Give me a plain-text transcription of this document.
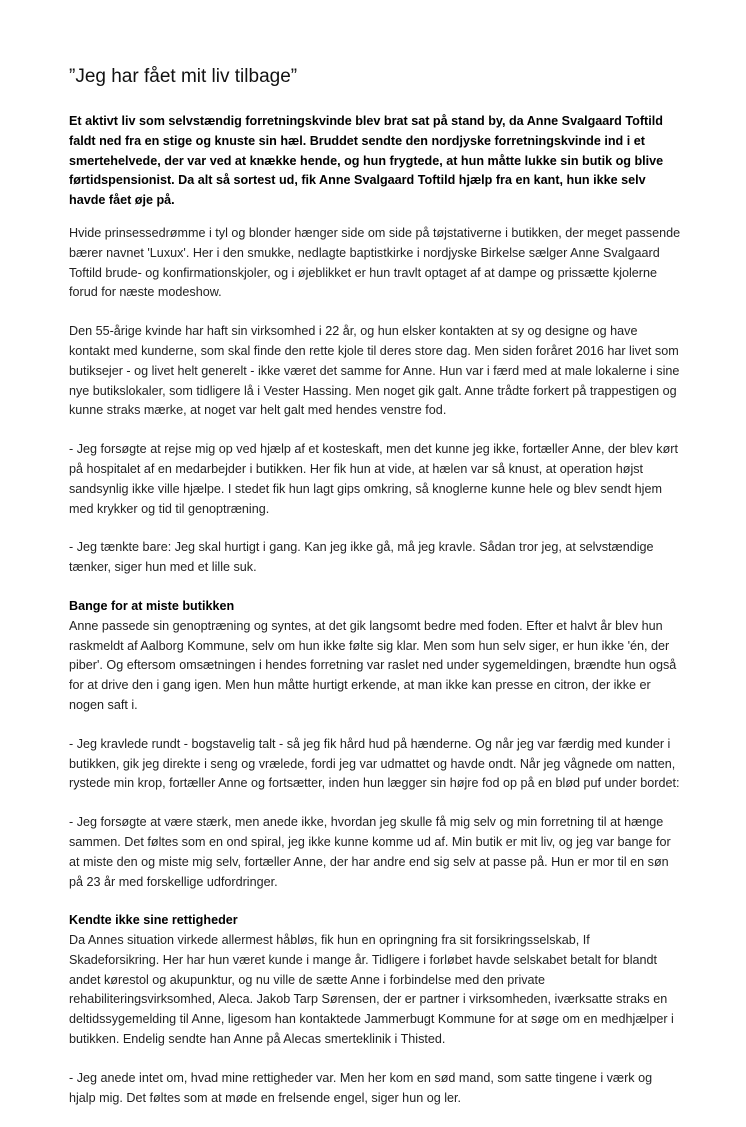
”Jeg har fået mit liv tilbage”

Et aktivt liv som selvstændig forretningskvinde blev brat sat på stand by, da Anne Svalgaard Toftild faldt ned fra en stige og knuste sin hæl. Bruddet sendte den nordjyske forretningskvinde ind i et smertehelvede, der var ved at knække hende, og hun frygtede, at hun måtte lukke sin butik og blive førtidspensionist. Da alt så sortest ud, fik Anne Svalgaard Toftild hjælp fra en kant, hun ikke selv havde fået øje på.

Hvide prinsessedrømme i tyl og blonder hænger side om side på tøjstativerne i butikken, der meget passende bærer navnet 'Luxux'. Her i den smukke, nedlagte baptistkirke i nordjyske Birkelse sælger Anne Svalgaard Toftild brude- og konfirmationskjoler, og i øjeblikket er hun travlt optaget af at dampe og prissætte kjolerne forud for næste modeshow.

Den 55-årige kvinde har haft sin virksomhed i 22 år, og hun elsker kontakten at sy og designe og have kontakt med kunderne, som skal finde den rette kjole til deres store dag. Men siden foråret 2016 har livet som butiksejer - og livet helt generelt - ikke været det samme for Anne. Hun var i færd med at male lokalerne i sine nye butikslokaler, som tidligere lå i Vester Hassing. Men noget gik galt. Anne trådte forkert på trappestigen og kunne straks mærke, at noget var helt galt med hendes venstre fod.

- Jeg forsøgte at rejse mig op ved hjælp af et kosteskaft, men det kunne jeg ikke, fortæller Anne, der blev kørt på hospitalet af en medarbejder i butikken. Her fik hun at vide, at hælen var så knust, at operation højst sandsynlig ikke ville hjælpe. I stedet fik hun lagt gips omkring, så knoglerne kunne hele og blev sendt hjem med krykker og tid til genoptræning.

- Jeg tænkte bare: Jeg skal hurtigt i gang. Kan jeg ikke gå, må jeg kravle. Sådan tror jeg, at selvstændige tænker, siger hun med et lille suk.

Bange for at miste butikken

Anne passede sin genoptræning og syntes, at det gik langsomt bedre med foden. Efter et halvt år blev hun raskmeldt af Aalborg Kommune, selv om hun ikke følte sig klar. Men som hun selv siger, er hun ikke 'én, der piber'. Og eftersom omsætningen i hendes forretning var raslet ned under sygemeldingen, brændte hun også for at drive den i gang igen. Men hun måtte hurtigt erkende, at man ikke kan presse en citron, der ikke er nogen saft i.

- Jeg kravlede rundt - bogstavelig talt - så jeg fik hård hud på hænderne. Og når jeg var færdig med kunder i butikken, gik jeg direkte i seng og vrælede, fordi jeg var udmattet og havde ondt. Når jeg vågnede om natten, rystede min krop, fortæller Anne og fortsætter, inden hun lægger sin højre fod op på en blød puf under bordet:

- Jeg forsøgte at være stærk, men anede ikke, hvordan jeg skulle få mig selv og min forretning til at hænge sammen. Det føltes som en ond spiral, jeg ikke kunne komme ud af. Min butik er mit liv, og jeg var bange for at miste den og miste mig selv, fortæller Anne, der har andre end sig selv at passe på. Hun er mor til en søn på 23 år med forskellige udfordringer.

Kendte ikke sine rettigheder

Da Annes situation virkede allermest håbløs, fik hun en opringning fra sit forsikringsselskab, If Skadeforsikring. Her har hun været kunde i mange år. Tidligere i forløbet havde selskabet betalt for blandt andet kørestol og akupunktur, og nu ville de sætte Anne i forbindelse med den private rehabiliteringsvirksomhed, Aleca. Jakob Tarp Sørensen, der er partner i virksomheden, iværksatte straks en deltidssygemelding til Anne, ligesom han kontaktede Jammerbugt Kommune for at søge om en medhjælper i butikken. Endelig sendte han Anne på Alecas smerteklinik i Thisted.

- Jeg anede intet om, hvad mine rettigheder var. Men her kom en sød mand, som satte tingene i værk og hjalp mig. Det føltes som at møde en frelsende engel, siger hun og ler.
